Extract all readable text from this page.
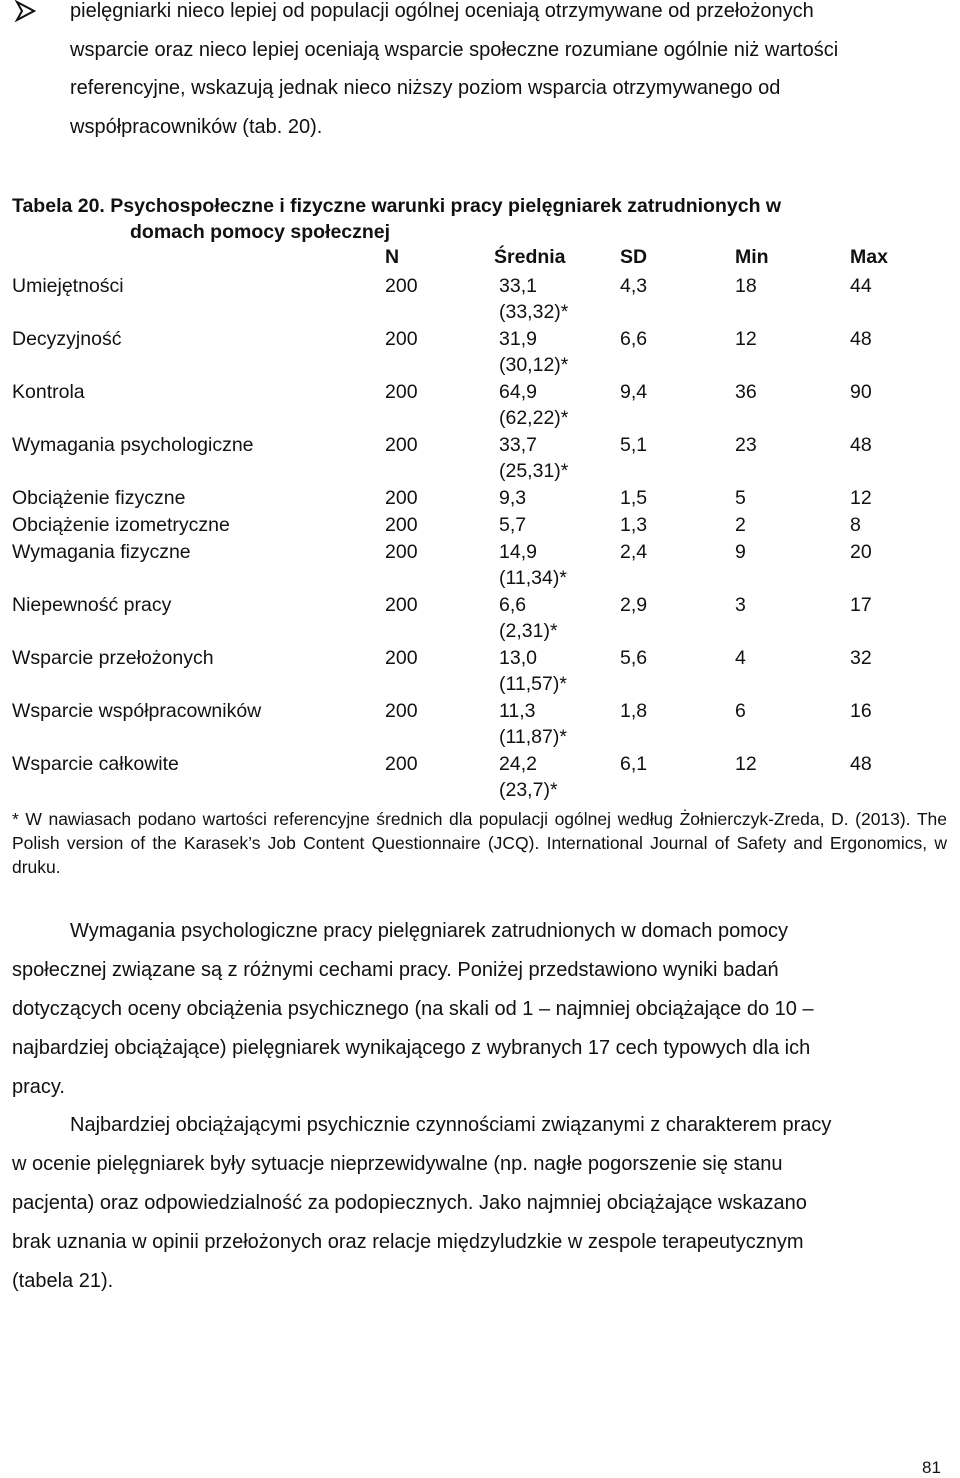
pielęgniarki nieco lepiej od populacji ogólnej oceniają otrzymywane od przełożonych
wsparcie oraz nieco lepiej oceniają wsparcie społeczne rozumiane ogólnie niż wartości
referencyjne, wskazują jednak nieco niższy poziom wsparcia otrzymywanego od
współpracowników (tab. 20).
Tabela 20. Psychospołeczne i fizyczne warunki pracy pielęgniarek zatrudnionych w
domach pomocy społecznej
N	Średnia	SD	Min	Max
Umiejętności	200	33,1	4,3	18	44
(33,32)*
Decyzyjność	200	31,9	6,6	12	48
(30,12)*
Kontrola	200	64,9	9,4	36	90
(62,22)*
Wymagania psychologiczne	200	33,7	5,1	23	48
(25,31)*
Obciążenie fizyczne	200	9,3	1,5	5	12
Obciążenie izometryczne	200	5,7	1,3	2	8
Wymagania fizyczne	200	14,9	2,4	9	20
(11,34)*
Niepewność pracy	200	6,6	2,9	3	17
(2,31)*
Wsparcie przełożonych	200	13,0	5,6	4	32
(11,57)*
Wsparcie współpracowników	200	11,3	1,8	6	16
(11,87)*
Wsparcie całkowite	200	24,2	6,1	12	48
(23,7)*
* W nawiasach podano wartości referencyjne średnich dla populacji ogólnej według Żołnierczyk-Zreda, D. (2013). The Polish version of the Karasek’s Job Content Questionnaire (JCQ). International Journal of Safety and Ergonomics, w druku.
Wymagania psychologiczne pracy pielęgniarek zatrudnionych w domach pomocy
społecznej związane są z różnymi cechami pracy. Poniżej przedstawiono wyniki badań
dotyczących oceny obciążenia psychicznego (na skali od 1 – najmniej obciążające do 10 –
najbardziej obciążające) pielęgniarek wynikającego z wybranych 17 cech typowych dla ich
pracy.
Najbardziej obciążającymi psychicznie czynnościami związanymi z charakterem pracy
w ocenie pielęgniarek były sytuacje nieprzewidywalne (np. nagłe pogorszenie się stanu
pacjenta) oraz odpowiedzialność za podopiecznych. Jako najmniej obciążające wskazano
brak uznania w opinii przełożonych oraz relacje międzyludzkie w zespole terapeutycznym
(tabela 21).
81
